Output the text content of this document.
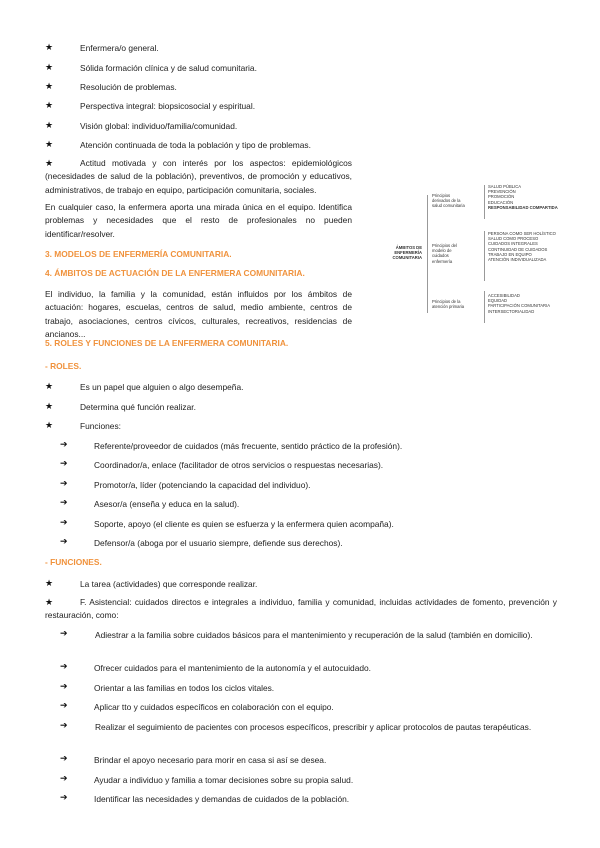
★	Enfermera/o general.
★	Sólida formación clínica y de salud comunitaria.
★	Resolución de problemas.
★	Perspectiva integral: biopsicosocial y espiritual.
★	Visión global: individuo/familia/comunidad.
★	Atención continuada de toda la población y tipo de problemas.
★	Actitud motivada y con interés por los aspectos: epidemiológicos (necesidades de salud de la población), preventivos, de promoción y educativos, administrativos, de trabajo en equipo, participación comunitaria, sociales.
En cualquier caso, la enfermera aporta una mirada única en el equipo. Identifica problemas y necesidades que el resto de profesionales no pueden identificar/resolver.
3. MODELOS DE ENFERMERÍA COMUNITARIA.
4. ÁMBITOS DE ACTUACIÓN DE LA ENFERMERA COMUNITARIA.
El individuo, la familia y la comunidad, están influidos por los ámbitos de actuación: hogares, escuelas, centros de salud, medio ambiente, centros de trabajo, asociaciones, centros cívicos, culturales, recreativos, residencias de ancianos...
ÁMBITOS DE
ENFERMERÍA
COMUNITARIA
Principios
derivados de la
salud comunitaria
SALUD PÚBLICA
PREVENCIÓN
PROMOCIÓN
EDUCACIÓN
RESPONSABILIDAD COMPARTIDA
Principios del
modelo de
cuidados
enfermería
PERSONA COMO SER HOLÍSTICO
SALUD COMO PROCESO
CUIDADOS INTEGRALES
CONTINUIDAD DE CUIDADOS
TRABAJO EN EQUIPO
ATENCIÓN INDIVIDUALIZADA
Principios de la
atención primaria
ACCESIBILIDAD
EQUIDAD
PARTICIPACIÓN COMUNITARIA
INTERSECTORIALIDAD
5. ROLES Y FUNCIONES DE LA ENFERMERA COMUNITARIA.
- ROLES.
★	Es un papel que alguien o algo desempeña.
★	Determina qué función realizar.
★	Funciones:
➔	Referente/proveedor de cuidados (más frecuente, sentido práctico de la profesión).
➔	Coordinador/a, enlace (facilitador de otros servicios o respuestas necesarias).
➔	Promotor/a, líder (potenciando la capacidad del individuo).
➔	Asesor/a (enseña y educa en la salud).
➔	Soporte, apoyo (el cliente es quien se esfuerza y la enfermera quien acompaña).
➔	Defensor/a (aboga por el usuario siempre, defiende sus derechos).
- FUNCIONES.
★	La tarea (actividades) que corresponde realizar.
★	F. Asistencial: cuidados directos e integrales a individuo, familia y comunidad, incluidas actividades de fomento, prevención y restauración, como:
➔	Adiestrar a la familia sobre cuidados básicos para el mantenimiento y recuperación de la salud (también en domicilio).
➔	Ofrecer cuidados para el mantenimiento de la autonomía y el autocuidado.
➔	Orientar a las familias en todos los ciclos vitales.
➔	Aplicar tto y cuidados específicos en colaboración con el equipo.
➔	Realizar el seguimiento de pacientes con procesos específicos, prescribir y aplicar protocolos de pautas terapéuticas.
➔	Brindar el apoyo necesario para morir en casa si así se desea.
➔	Ayudar a individuo y familia a tomar decisiones sobre su propia salud.
➔	Identificar las necesidades y demandas de cuidados de la población.
